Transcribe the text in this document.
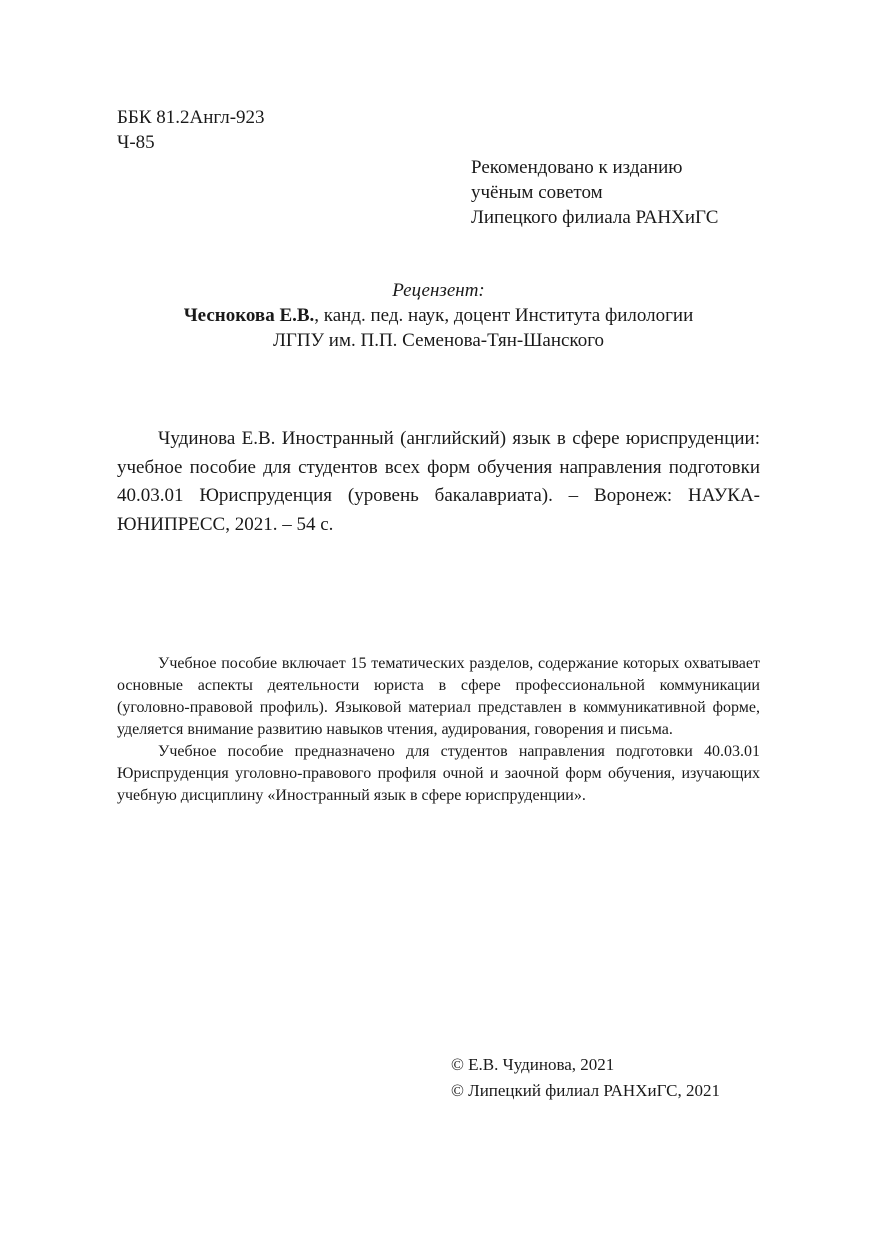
ББК 81.2Англ-923
Ч-85
Рекомендовано к изданию
учёным советом
Липецкого филиала РАНХиГС
Рецензент:
Чеснокова Е.В., канд. пед. наук, доцент Института филологии
ЛГПУ им. П.П. Семенова-Тян-Шанского
Чудинова Е.В. Иностранный (английский) язык в сфере юриспруденции: учебное пособие для студентов всех форм обучения направления подготовки 40.03.01 Юриспруденция (уровень бакалавриата). – Воронеж: НАУКА-ЮНИПРЕСС, 2021. – 54 с.

Учебное пособие включает 15 тематических разделов, содержание которых охватывает основные аспекты деятельности юриста в сфере профессиональной коммуникации (уголовно-правовой профиль). Языковой материал представлен в коммуникативной форме, уделяется внимание развитию навыков чтения, аудирования, говорения и письма.

Учебное пособие предназначено для студентов направления подготовки 40.03.01 Юриспруденция уголовно-правового профиля очной и заочной форм обучения, изучающих учебную дисциплину «Иностранный язык в сфере юриспруденции».

© Е.В. Чудинова, 2021
© Липецкий филиал РАНХиГС, 2021
